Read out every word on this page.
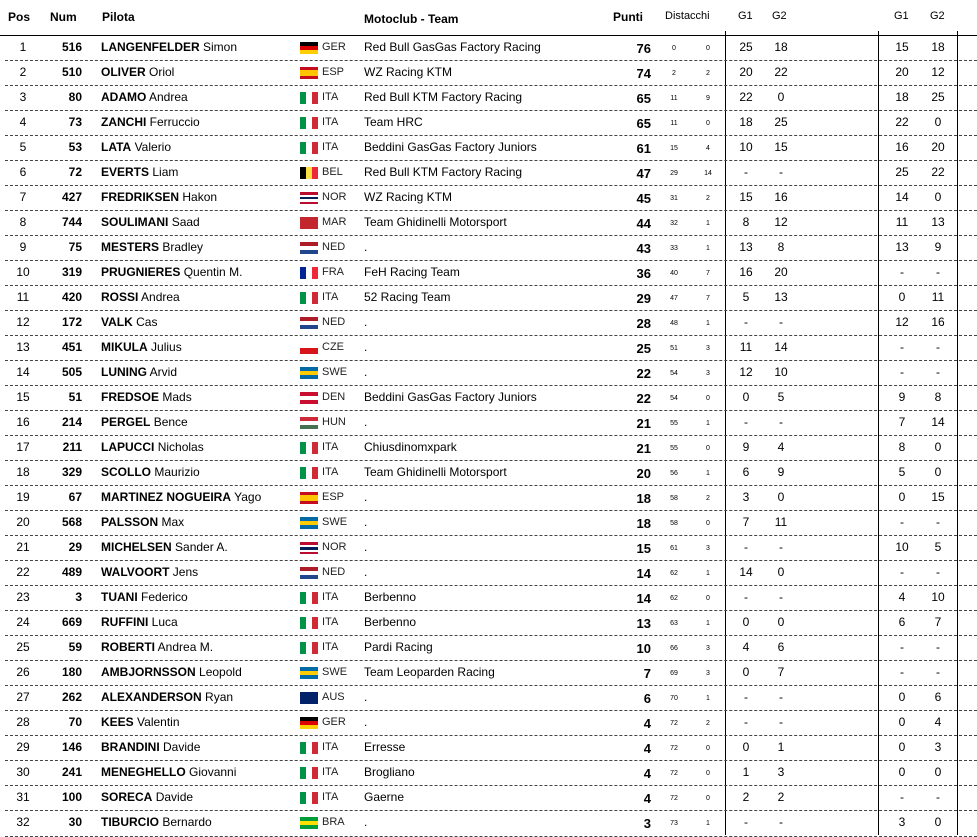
Pos Num Pilota	Motoclub - Team	Punti Distacchi	G1 G2	G1 G2
1	516 LANGENFELDER Simon	GER Red Bull GasGas Factory Racing	76	0	0	25	18	15	18
2	510 OLIVER Oriol	ESP WZ Racing KTM	74	2	2	20	22	20	12
3	80 ADAMO Andrea	ITA Red Bull KTM Factory Racing	65	11	9	22	0	18	25
4	73 ZANCHI Ferruccio	ITA Team HRC	65	11	0	18	25	22	0
5	53 LATA Valerio	ITA Beddini GasGas Factory Juniors	61	15	4	10	15	16	20
6	72 EVERTS Liam	BEL Red Bull KTM Factory Racing	47	29	14	-	-	25	22
7	427 FREDRIKSEN Hakon	NOR WZ Racing KTM	45	31	2	15	16	14	0
8	744 SOULIMANI Saad	MAR Team Ghidinelli Motorsport	44	32	1	8	12	11	13
9	75 MESTERS Bradley	NED .	43	33	1	13	8	13	9
10	319 PRUGNIERES Quentin M.	FRA FeH Racing Team	36	40	7	16	20	-	-
11	420 ROSSI Andrea	ITA 52 Racing Team	29	47	7	5	13	0	11
12	172 VALK Cas	NED .	28	48	1	-	-	12	16
13	451 MIKULA Julius	CZE .	25	51	3	11	14	-	-
14	505 LUNING Arvid	SWE .	22	54	3	12	10	-	-
15	51 FREDSOE Mads	DEN Beddini GasGas Factory Juniors	22	54	0	0	5	9	8
16	214 PERGEL Bence	HUN .	21	55	1	-	-	7	14
17	211 LAPUCCI Nicholas	ITA Chiusdinomxpark	21	55	0	9	4	8	0
18	329 SCOLLO Maurizio	ITA Team Ghidinelli Motorsport	20	56	1	6	9	5	0
19	67 MARTINEZ NOGUEIRA Yago	ESP .	18	58	2	3	0	0	15
20	568 PALSSON Max	SWE .	18	58	0	7	11	-	-
21	29 MICHELSEN Sander A.	NOR .	15	61	3	-	-	10	5
22	489 WALVOORT Jens	NED .	14	62	1	14	0	-	-
23	3 TUANI Federico	ITA Berbenno	14	62	0	-	-	4	10
24	669 RUFFINI Luca	ITA Berbenno	13	63	1	0	0	6	7
25	59 ROBERTI Andrea M.	ITA Pardi Racing	10	66	3	4	6	-	-
26	180 AMBJORNSSON Leopold	SWE Team Leoparden Racing	7	69	3	0	7	-	-
27	262 ALEXANDERSON Ryan	AUS .	6	70	1	-	-	0	6
28	70 KEES Valentin	GER .	4	72	2	-	-	0	4
29	146 BRANDINI Davide	ITA Erresse	4	72	0	0	1	0	3
30	241 MENEGHELLO Giovanni	ITA Brogliano	4	72	0	1	3	0	0
31	100 SORECA Davide	ITA Gaerne	4	72	0	2	2	-	-
32	30 TIBURCIO Bernardo	BRA .	3	73	1	-	-	3	0
